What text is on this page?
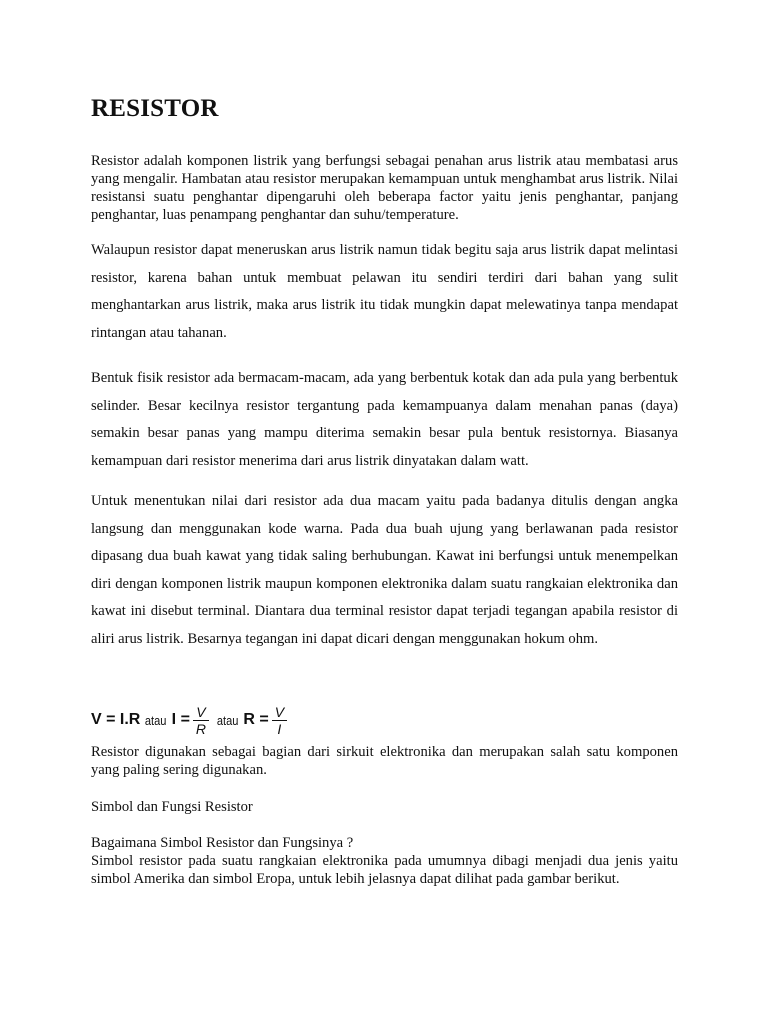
RESISTOR

Resistor adalah komponen listrik yang berfungsi sebagai penahan arus listrik atau membatasi arus yang mengalir. Hambatan atau resistor merupakan kemampuan untuk menghambat arus listrik. Nilai resistansi suatu penghantar dipengaruhi oleh beberapa factor yaitu jenis penghantar, panjang penghantar, luas penampang penghantar dan suhu/temperature.

Walaupun resistor dapat meneruskan arus listrik namun tidak begitu saja arus listrik dapat melintasi resistor, karena bahan untuk membuat pelawan itu sendiri terdiri dari bahan yang sulit menghantarkan arus listrik, maka arus listrik itu tidak mungkin dapat melewatinya tanpa mendapat rintangan atau tahanan.

Bentuk fisik resistor ada bermacam-macam, ada yang berbentuk kotak dan ada pula yang berbentuk selinder. Besar kecilnya resistor tergantung pada kemampuanya dalam menahan panas (daya) semakin besar panas yang mampu diterima semakin besar pula bentuk resistornya. Biasanya kemampuan dari resistor menerima dari arus listrik dinyatakan dalam watt.

Untuk menentukan nilai dari resistor ada dua macam yaitu pada badanya ditulis dengan angka langsung dan menggunakan kode warna. Pada dua buah ujung yang berlawanan pada resistor dipasang dua buah kawat yang tidak saling berhubungan. Kawat ini berfungsi untuk menempelkan diri dengan komponen listrik maupun komponen elektronika dalam suatu rangkaian elektronika dan kawat ini disebut terminal. Diantara dua terminal resistor dapat terjadi tegangan apabila resistor di aliri arus listrik. Besarnya tegangan ini dapat dicari dengan menggunakan hokum ohm.

V = I.R atau $I = \frac{V}{R}$ atau $R = \frac{V}{I}$

Resistor digunakan sebagai bagian dari sirkuit elektronika dan merupakan salah satu komponen yang paling sering digunakan.

Simbol dan Fungsi Resistor

Bagaimana Simbol Resistor dan Fungsinya ?

Simbol resistor pada suatu rangkaian elektronika pada umumnya dibagi menjadi dua jenis yaitu simbol Amerika dan simbol Eropa, untuk lebih jelasnya dapat dilihat pada gambar berikut.
